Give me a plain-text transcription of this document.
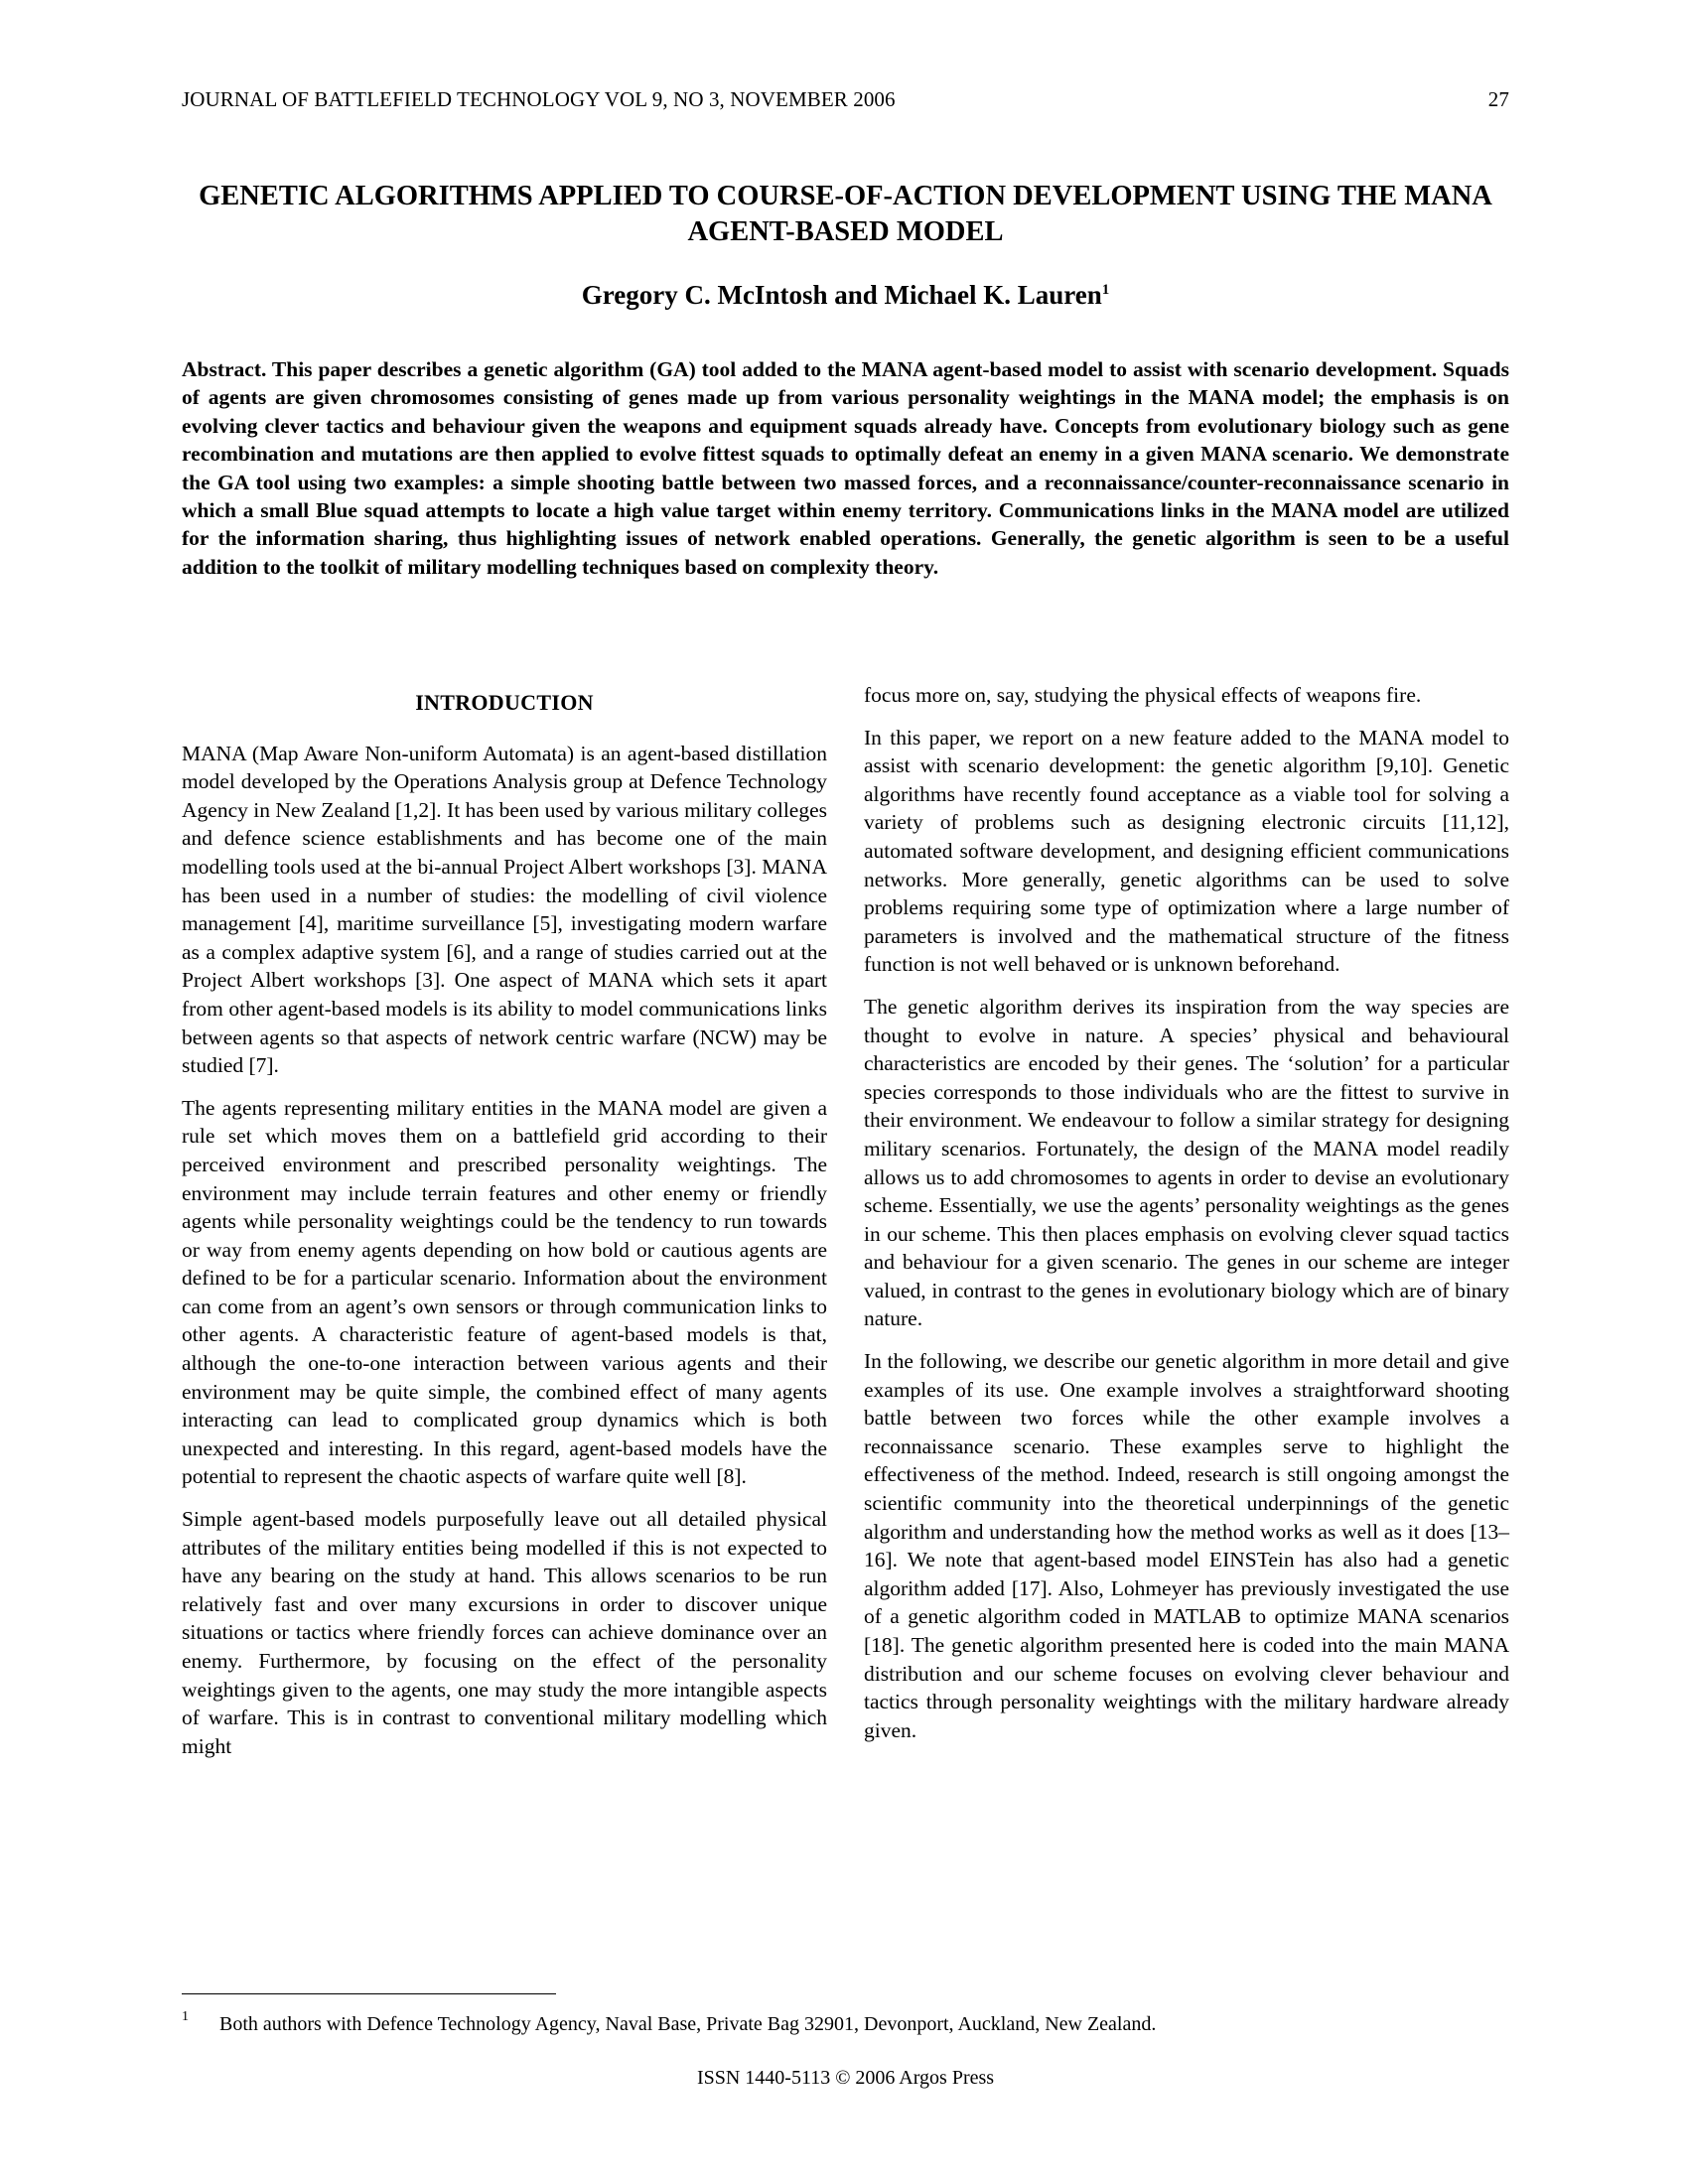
JOURNAL OF BATTLEFIELD TECHNOLOGY VOL 9, NO 3, NOVEMBER 2006	27
GENETIC ALGORITHMS APPLIED TO COURSE-OF-ACTION DEVELOPMENT USING THE MANA AGENT-BASED MODEL
Gregory C. McIntosh and Michael K. Lauren$^1$
Abstract. This paper describes a genetic algorithm (GA) tool added to the MANA agent-based model to assist with scenario development. Squads of agents are given chromosomes consisting of genes made up from various personality weightings in the MANA model; the emphasis is on evolving clever tactics and behaviour given the weapons and equipment squads already have. Concepts from evolutionary biology such as gene recombination and mutations are then applied to evolve fittest squads to optimally defeat an enemy in a given MANA scenario. We demonstrate the GA tool using two examples: a simple shooting battle between two massed forces, and a reconnaissance/counter-reconnaissance scenario in which a small Blue squad attempts to locate a high value target within enemy territory. Communications links in the MANA model are utilized for the information sharing, thus highlighting issues of network enabled operations. Generally, the genetic algorithm is seen to be a useful addition to the toolkit of military modelling techniques based on complexity theory.
INTRODUCTION

MANA (Map Aware Non-uniform Automata) is an agent-based distillation model developed by the Operations Analysis group at Defence Technology Agency in New Zealand [1,2]. It has been used by various military colleges and defence science establishments and has become one of the main modelling tools used at the bi-annual Project Albert workshops [3]. MANA has been used in a number of studies: the modelling of civil violence management [4], maritime surveillance [5], investigating modern warfare as a complex adaptive system [6], and a range of studies carried out at the Project Albert workshops [3]. One aspect of MANA which sets it apart from other agent-based models is its ability to model communications links between agents so that aspects of network centric warfare (NCW) may be studied [7].

The agents representing military entities in the MANA model are given a rule set which moves them on a battlefield grid according to their perceived environment and prescribed personality weightings. The environment may include terrain features and other enemy or friendly agents while personality weightings could be the tendency to run towards or way from enemy agents depending on how bold or cautious agents are defined to be for a particular scenario. Information about the environment can come from an agent’s own sensors or through communication links to other agents. A characteristic feature of agent-based models is that, although the one-to-one interaction between various agents and their environment may be quite simple, the combined effect of many agents interacting can lead to complicated group dynamics which is both unexpected and interesting. In this regard, agent-based models have the potential to represent the chaotic aspects of warfare quite well [8].

Simple agent-based models purposefully leave out all detailed physical attributes of the military entities being modelled if this is not expected to have any bearing on the study at hand. This allows scenarios to be run relatively fast and over many excursions in order to discover unique situations or tactics where friendly forces can achieve dominance over an enemy. Furthermore, by focusing on the effect of the personality weightings given to the agents, one may study the more intangible aspects of warfare. This is in contrast to conventional military modelling which might

focus more on, say, studying the physical effects of weapons fire.

In this paper, we report on a new feature added to the MANA model to assist with scenario development: the genetic algorithm [9,10]. Genetic algorithms have recently found acceptance as a viable tool for solving a variety of problems such as designing electronic circuits [11,12], automated software development, and designing efficient communications networks. More generally, genetic algorithms can be used to solve problems requiring some type of optimization where a large number of parameters is involved and the mathematical structure of the fitness function is not well behaved or is unknown beforehand.

The genetic algorithm derives its inspiration from the way species are thought to evolve in nature. A species’ physical and behavioural characteristics are encoded by their genes. The ‘solution’ for a particular species corresponds to those individuals who are the fittest to survive in their environment. We endeavour to follow a similar strategy for designing military scenarios. Fortunately, the design of the MANA model readily allows us to add chromosomes to agents in order to devise an evolutionary scheme. Essentially, we use the agents’ personality weightings as the genes in our scheme. This then places emphasis on evolving clever squad tactics and behaviour for a given scenario. The genes in our scheme are integer valued, in contrast to the genes in evolutionary biology which are of binary nature.

In the following, we describe our genetic algorithm in more detail and give examples of its use. One example involves a straightforward shooting battle between two forces while the other example involves a reconnaissance scenario. These examples serve to highlight the effectiveness of the method. Indeed, research is still ongoing amongst the scientific community into the theoretical underpinnings of the genetic algorithm and understanding how the method works as well as it does [13–16]. We note that agent-based model EINSTein has also had a genetic algorithm added [17]. Also, Lohmeyer has previously investigated the use of a genetic algorithm coded in MATLAB to optimize MANA scenarios [18]. The genetic algorithm presented here is coded into the main MANA distribution and our scheme focuses on evolving clever behaviour and tactics through personality weightings with the military hardware already given.

1	Both authors with Defence Technology Agency, Naval Base, Private Bag 32901, Devonport, Auckland, New Zealand.
ISSN 1440-5113 © 2006 Argos Press
